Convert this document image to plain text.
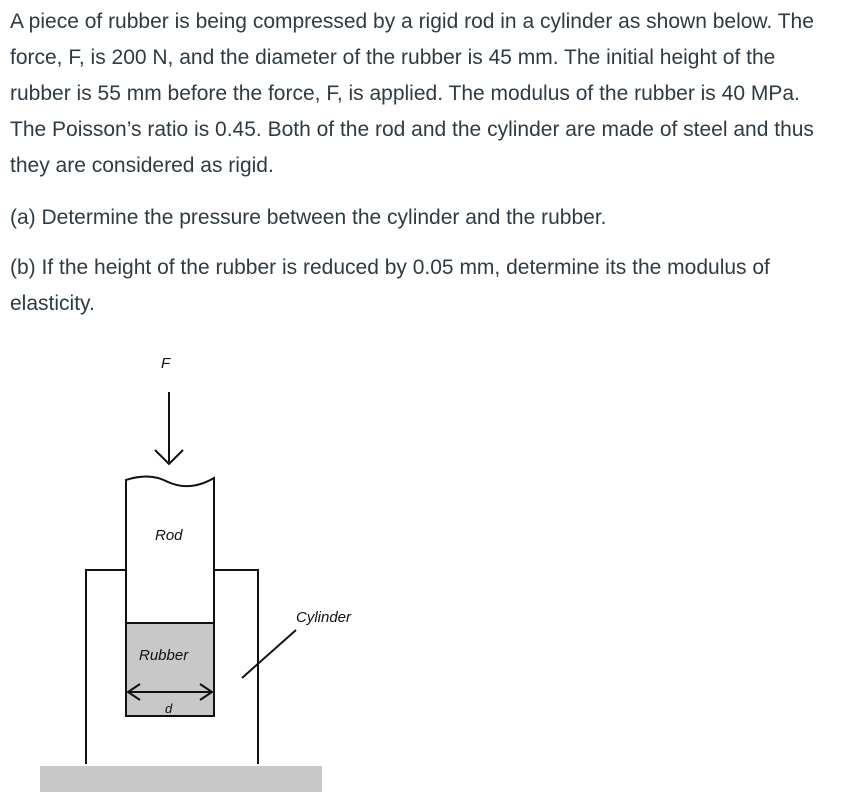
A piece of rubber is being compressed by a rigid rod in a cylinder as shown below. The force, F, is 200 N, and the diameter of the rubber is 45 mm. The initial height of the rubber is 55 mm before the force, F, is applied. The modulus of the rubber is 40 MPa. The Poisson’s ratio is 0.45. Both of the rod and the cylinder are made of steel and thus they are considered as rigid.

(a) Determine the pressure between the cylinder and the rubber.

(b) If the height of the rubber is reduced by 0.05 mm, determine its the modulus of elasticity.

F
Rod
Cylinder
Rubber
d
